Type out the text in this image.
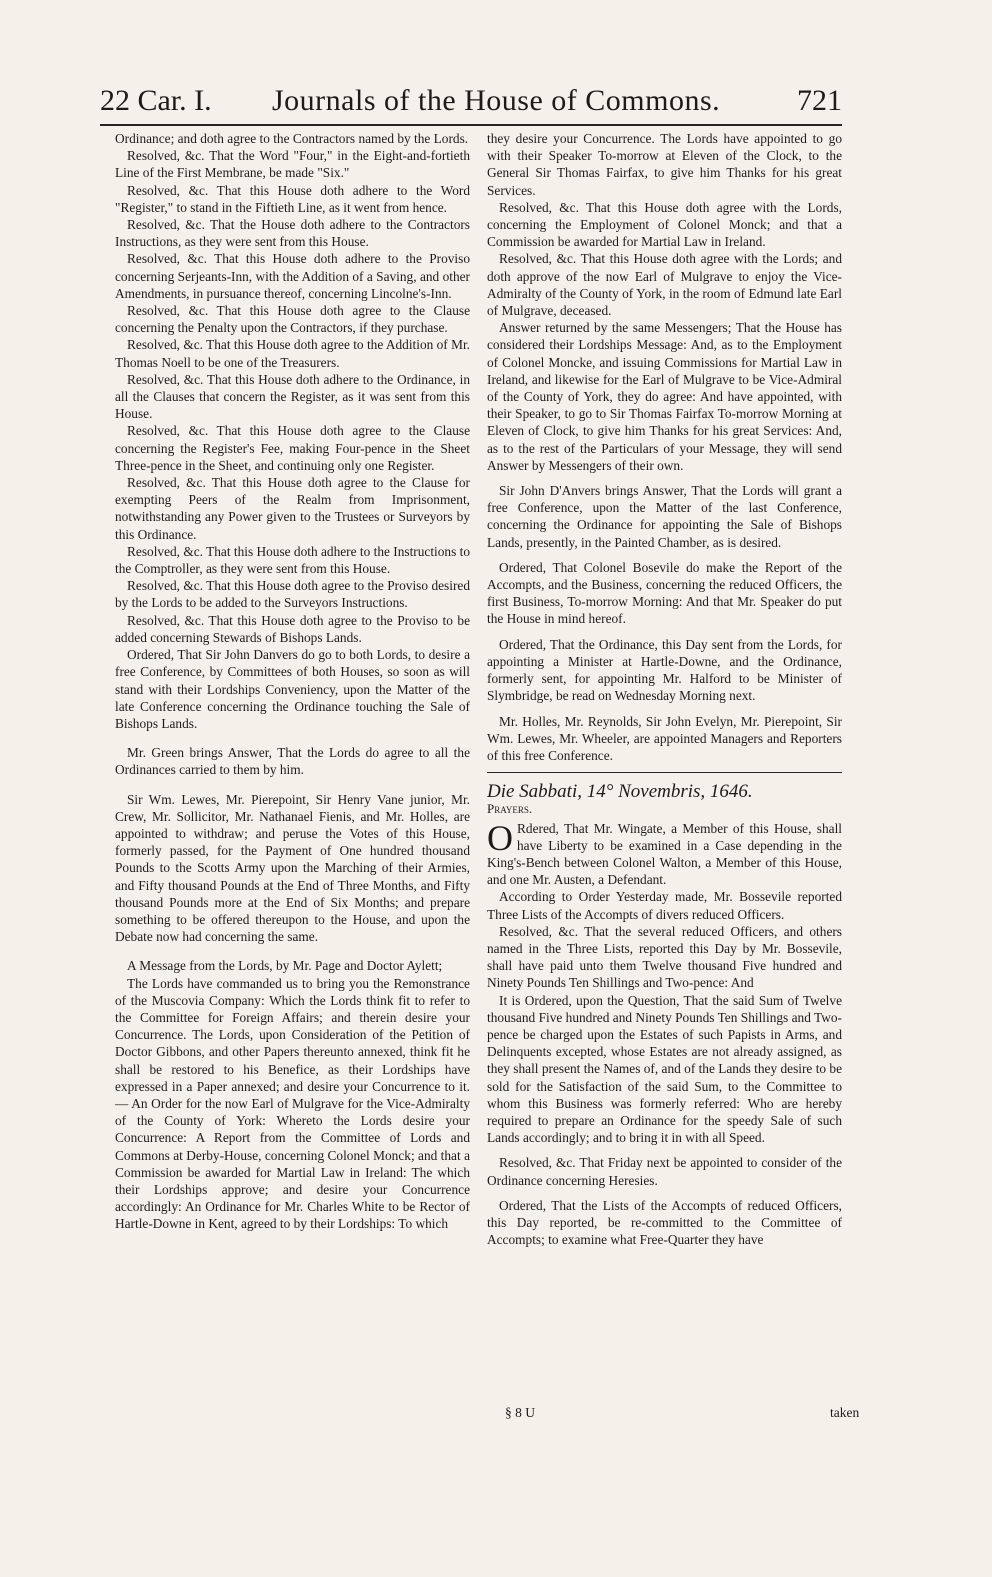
22 Car. I. Journals of the House of Commons.	721

Ordinance; and doth agree to the Contractors named by the Lords.

Resolved, &c. That the Word "Four," in the Eight-and-fortieth Line of the First Membrane, be made "Six."

Resolved, &c. That this House doth adhere to the Word "Register," to stand in the Fiftieth Line, as it went from hence.

Resolved, &c. That the House doth adhere to the Contractors Instructions, as they were sent from this House.

Resolved, &c. That this House doth adhere to the Proviso concerning Serjeants-Inn, with the Addition of a Saving, and other Amendments, in pursuance thereof, concerning Lincolne's-Inn.

Resolved, &c. That this House doth agree to the Clause concerning the Penalty upon the Contractors, if they purchase.

Resolved, &c. That this House doth agree to the Addition of Mr. Thomas Noell to be one of the Treasurers.

Resolved, &c. That this House doth adhere to the Ordinance, in all the Clauses that concern the Register, as it was sent from this House.

Resolved, &c. That this House doth agree to the Clause concerning the Register's Fee, making Four-pence in the Sheet Three-pence in the Sheet, and continuing only one Register.

Resolved, &c. That this House doth agree to the Clause for exempting Peers of the Realm from Imprisonment, notwithstanding any Power given to the Trustees or Surveyors by this Ordinance.

Resolved, &c. That this House doth adhere to the Instructions to the Comptroller, as they were sent from this House.

Resolved, &c. That this House doth agree to the Proviso desired by the Lords to be added to the Surveyors Instructions.

Resolved, &c. That this House doth agree to the Proviso to be added concerning Stewards of Bishops Lands.

Ordered, That Sir John Danvers do go to both Lords, to desire a free Conference, by Committees of both Houses, so soon as will stand with their Lordships Conveniency, upon the Matter of the late Conference concerning the Ordinance touching the Sale of Bishops Lands.

Mr. Green brings Answer, That the Lords do agree to all the Ordinances carried to them by him.

Sir Wm. Lewes, Mr. Pierepoint, Sir Henry Vane junior, Mr. Crew, Mr. Sollicitor, Mr. Nathanael Fienis, and Mr. Holles, are appointed to withdraw; and peruse the Votes of this House, formerly passed, for the Payment of One hundred thousand Pounds to the Scotts Army upon the Marching of their Armies, and Fifty thousand Pounds at the End of Three Months, and Fifty thousand Pounds more at the End of Six Months; and prepare something to be offered thereupon to the House, and upon the Debate now had concerning the same.

A Message from the Lords, by Mr. Page and Doctor Aylett;

The Lords have commanded us to bring you the Remonstrance of the Muscovia Company: Which the Lords think fit to refer to the Committee for Foreign Affairs; and therein desire your Concurrence. The Lords, upon Consideration of the Petition of Doctor Gibbons, and other Papers thereunto annexed, think fit he shall be restored to his Benefice, as their Lordships have expressed in a Paper annexed; and desire your Concurrence to it.— An Order for the now Earl of Mulgrave for the Vice-Admiralty of the County of York: Whereto the Lords desire your Concurrence: A Report from the Committee of Lords and Commons at Derby-House, concerning Colonel Monck; and that a Commission be awarded for Martial Law in Ireland: The which their Lordships approve; and desire your Concurrence accordingly: An Ordinance for Mr. Charles White to be Rector of Hartle-Downe in Kent, agreed to by their Lordships: To which

they desire your Concurrence. The Lords have appointed to go with their Speaker To-morrow at Eleven of the Clock, to the General Sir Thomas Fairfax, to give him Thanks for his great Services.

Resolved, &c. That this House doth agree with the Lords, concerning the Employment of Colonel Monck; and that a Commission be awarded for Martial Law in Ireland.

Resolved, &c. That this House doth agree with the Lords; and doth approve of the now Earl of Mulgrave to enjoy the Vice-Admiralty of the County of York, in the room of Edmund late Earl of Mulgrave, deceased.

Answer returned by the same Messengers; That the House has considered their Lordships Message: And, as to the Employment of Colonel Moncke, and issuing Commissions for Martial Law in Ireland, and likewise for the Earl of Mulgrave to be Vice-Admiral of the County of York, they do agree: And have appointed, with their Speaker, to go to Sir Thomas Fairfax To-morrow Morning at Eleven of Clock, to give him Thanks for his great Services: And, as to the rest of the Particulars of your Message, they will send Answer by Messengers of their own.

Sir John D'Anvers brings Answer, That the Lords will grant a free Conference, upon the Matter of the last Conference, concerning the Ordinance for appointing the Sale of Bishops Lands, presently, in the Painted Chamber, as is desired.

Ordered, That Colonel Bosevile do make the Report of the Accompts, and the Business, concerning the reduced Officers, the first Business, To-morrow Morning: And that Mr. Speaker do put the House in mind hereof.

Ordered, That the Ordinance, this Day sent from the Lords, for appointing a Minister at Hartle-Downe, and the Ordinance, formerly sent, for appointing Mr. Halford to be Minister of Slymbridge, be read on Wednesday Morning next.

Mr. Holles, Mr. Reynolds, Sir John Evelyn, Mr. Pierepoint, Sir Wm. Lewes, Mr. Wheeler, are appointed Managers and Reporters of this free Conference.

Die Sabbati, 14° Novembris, 1646.

Prayers.

O Rdered, That Mr. Wingate, a Member of this House, shall have Liberty to be examined in a Case depending in the King's-Bench between Colonel Walton, a Member of this House, and one Mr. Austen, a Defendant.

According to Order Yesterday made, Mr. Bossevile reported Three Lists of the Accompts of divers reduced Officers.

Resolved, &c. That the several reduced Officers, and others named in the Three Lists, reported this Day by Mr. Bossevile, shall have paid unto them Twelve thousand Five hundred and Ninety Pounds Ten Shillings and Two-pence: And

It is Ordered, upon the Question, That the said Sum of Twelve thousand Five hundred and Ninety Pounds Ten Shillings and Two-pence be charged upon the Estates of such Papists in Arms, and Delinquents excepted, whose Estates are not already assigned, as they shall present the Names of, and of the Lands they desire to be sold for the Satisfaction of the said Sum, to the Committee to whom this Business was formerly referred: Who are hereby required to prepare an Ordinance for the speedy Sale of such Lands accordingly; and to bring it in with all Speed.

Resolved, &c. That Friday next be appointed to consider of the Ordinance concerning Heresies.

Ordered, That the Lists of the Accompts of reduced Officers, this Day reported, be re-committed to the Committee of Accompts; to examine what Free-Quarter they have

§ 8 U	taken
